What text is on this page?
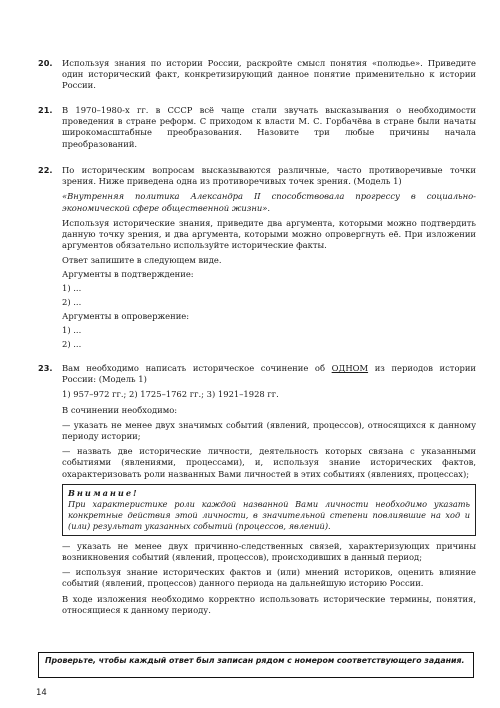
20. Используя знания по истории России, раскройте смысл понятия «полюдье». Приведите один исторический факт, конкретизирующий данное понятие применительно к истории России.

21. В 1970–1980-х гг. в СССР всё чаще стали звучать высказывания о необходимости проведения в стране реформ. С приходом к власти М. С. Горбачёва в стране были начаты широкомасштабные преобразования. Назовите три любые причины начала преобразований.

22. По историческим вопросам высказываются различные, часто противоречивые точки зрения. Ниже приведена одна из противоречивых точек зрения. (Модель 1)

«Внутренняя политика Александра II способствовала прогрессу в социально-экономической сфере общественной жизни».

Используя исторические знания, приведите два аргумента, которыми можно подтвердить данную точку зрения, и два аргумента, которыми можно опровергнуть её. При изложении аргументов обязательно используйте исторические факты.

Ответ запишите в следующем виде.
Аргументы в подтверждение:
1) ...
2) ...
Аргументы в опровержение:
1) ...
2) ...
23. Вам необходимо написать историческое сочинение об ОДНОМ из периодов истории России: (Модель 1)

1) 957–972 гг.; 2) 1725–1762 гг.; 3) 1921–1928 гг.

В сочинении необходимо:

— указать не менее двух значимых событий (явлений, процессов), относящихся к данному периоду истории;

— назвать две исторические личности, деятельность которых связана с указанными событиями (явлениями, процессами), и, используя знание исторических фактов, охарактеризовать роли названных Вами личностей в этих событиях (явлениях, процессах);

Внимание!
При характеристике роли каждой названной Вами личности необходимо указать конкретные действия этой личности, в значительной степени повлиявшие на ход и (или) результат указанных событий (процессов, явлений).

— указать не менее двух причинно-следственных связей, характеризующих причины возникновения событий (явлений, процессов), происходивших в данный период;

— используя знание исторических фактов и (или) мнений историков, оценить влияние событий (явлений, процессов) данного периода на дальнейшую историю России.

В ходе изложения необходимо корректно использовать исторические термины, понятия, относящиеся к данному периоду.

Проверьте, чтобы каждый ответ был записан рядом с номером соответствующего задания.
14
